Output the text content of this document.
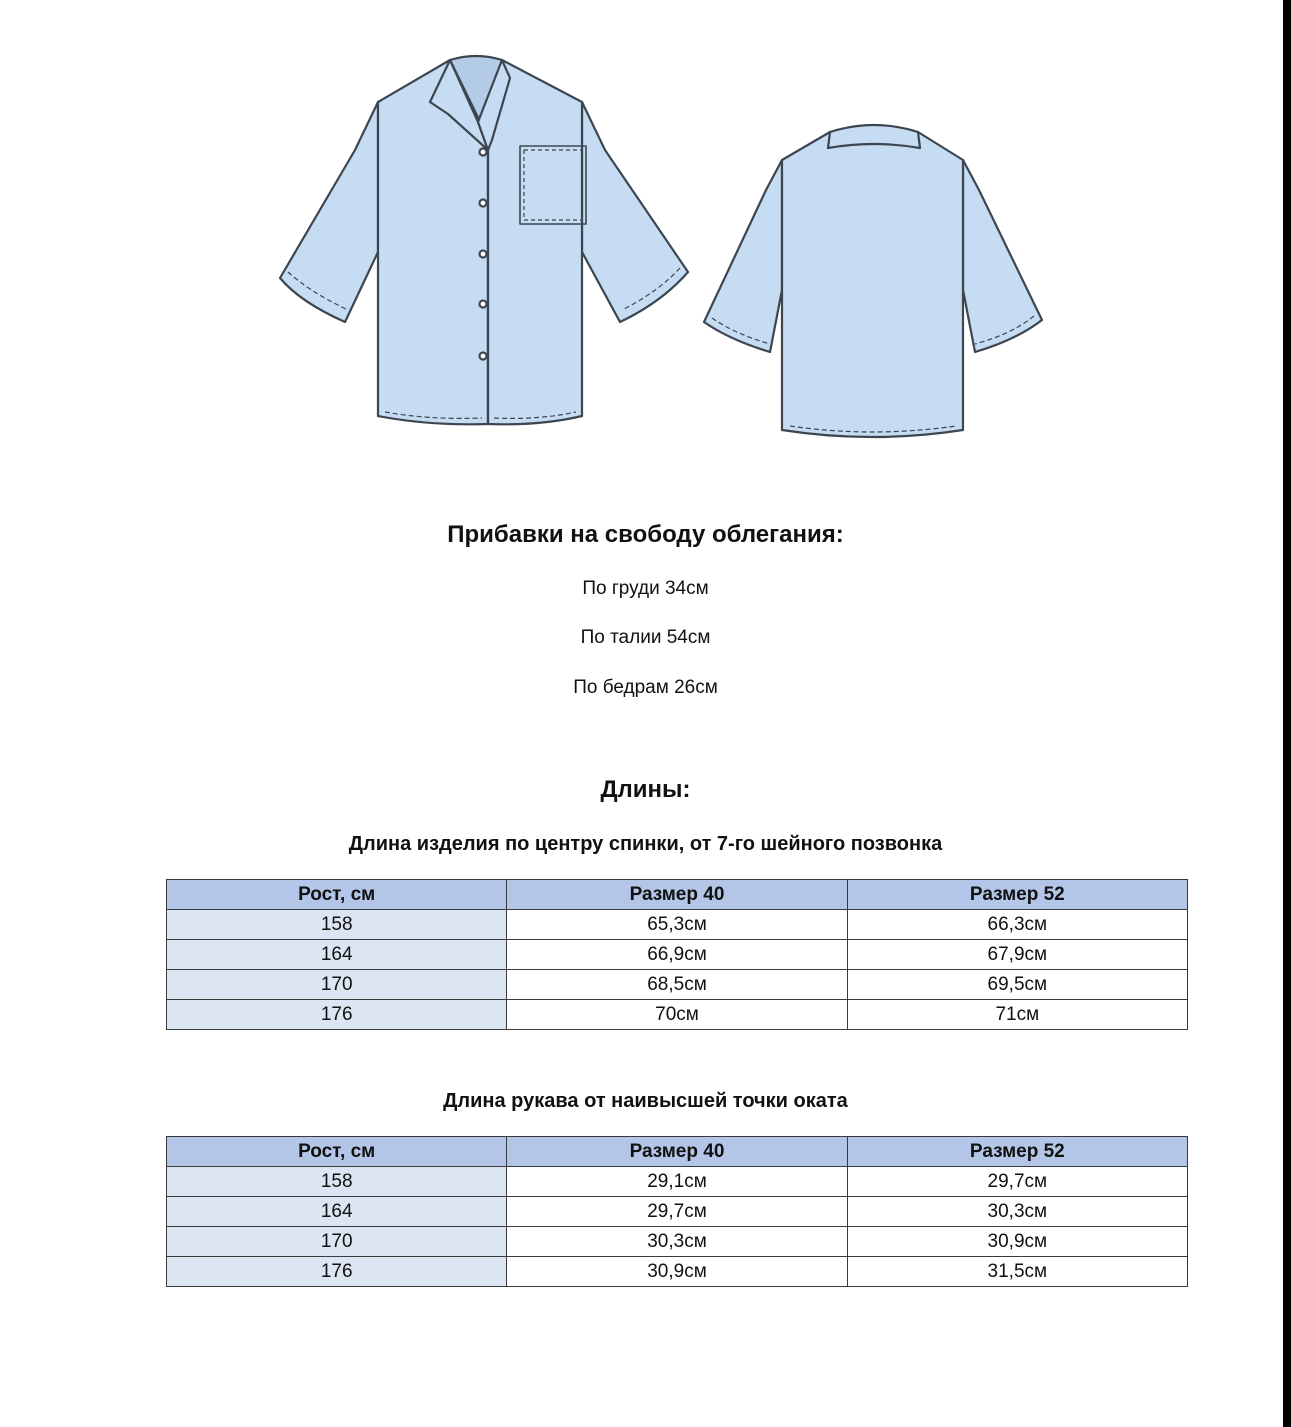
Прибавки на свободу облегания:

По груди 34см

По талии 54см

По бедрам 26см

Длины:

Длина изделия по центру спинки, от 7-го шейного позвонка

Рост, см	Размер 40	Размер 52
158	65,3см	66,3см
164	66,9см	67,9см
170	68,5см	69,5см
176	70см	71см

Длина рукава от наивысшей точки оката

Рост, см	Размер 40	Размер 52
158	29,1см	29,7см
164	29,7см	30,3см
170	30,3см	30,9см
176	30,9см	31,5см
